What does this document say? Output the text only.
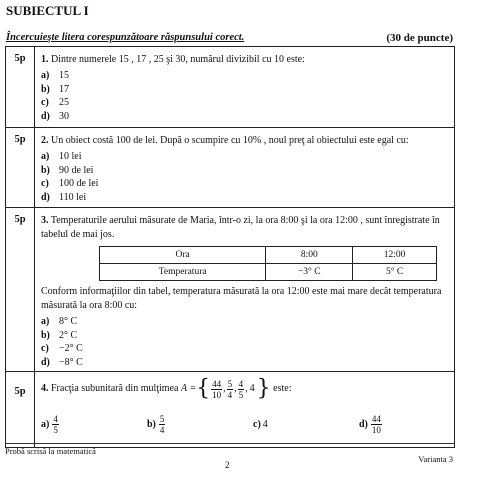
SUBIECTUL I
Încercuieşte litera corespunzătoare răspunsului corect.	(30 de puncte)
5p	1. Dintre numerele 15 , 17 , 25 şi 30, numărul divizibil cu 10 este:
a) 15
b) 17
c)	25
d) 30

5p	2. Un obiect costă 100 de lei. După o scumpire cu 10% , noul preţ al obiectului este egal cu:
a) 10 lei
b) 90 de lei
c)	100 de lei
d) 110 lei

5p	3. Temperaturile aerului măsurate de Maria, într-o zi, la ora 8:00 şi la ora 12:00 , sunt înregistrate în tabelul de mai jos.
Ora	8:00	12:00
Temperatura	−3° C	5° C
Conform informaţiilor din tabel, temperatura măsurată la ora 12:00 este mai mare decât temperatura măsurată la ora 8:00 cu:
a) 8° C
b) 2° C
c)	−2° C
d) −8° C

5p	4.
Fracţia subunitară din mulţimea
A = { $\frac{44}{10}$ , $\frac{5}{4}$ , $\frac{4}{5}$ , 4 }
este:
$a) \frac{4}{5}$	$b) \frac{5}{4}$	c) 4	$d) \frac{44}{10}$
Probă scrisă la matematică
Varianta 3
2
